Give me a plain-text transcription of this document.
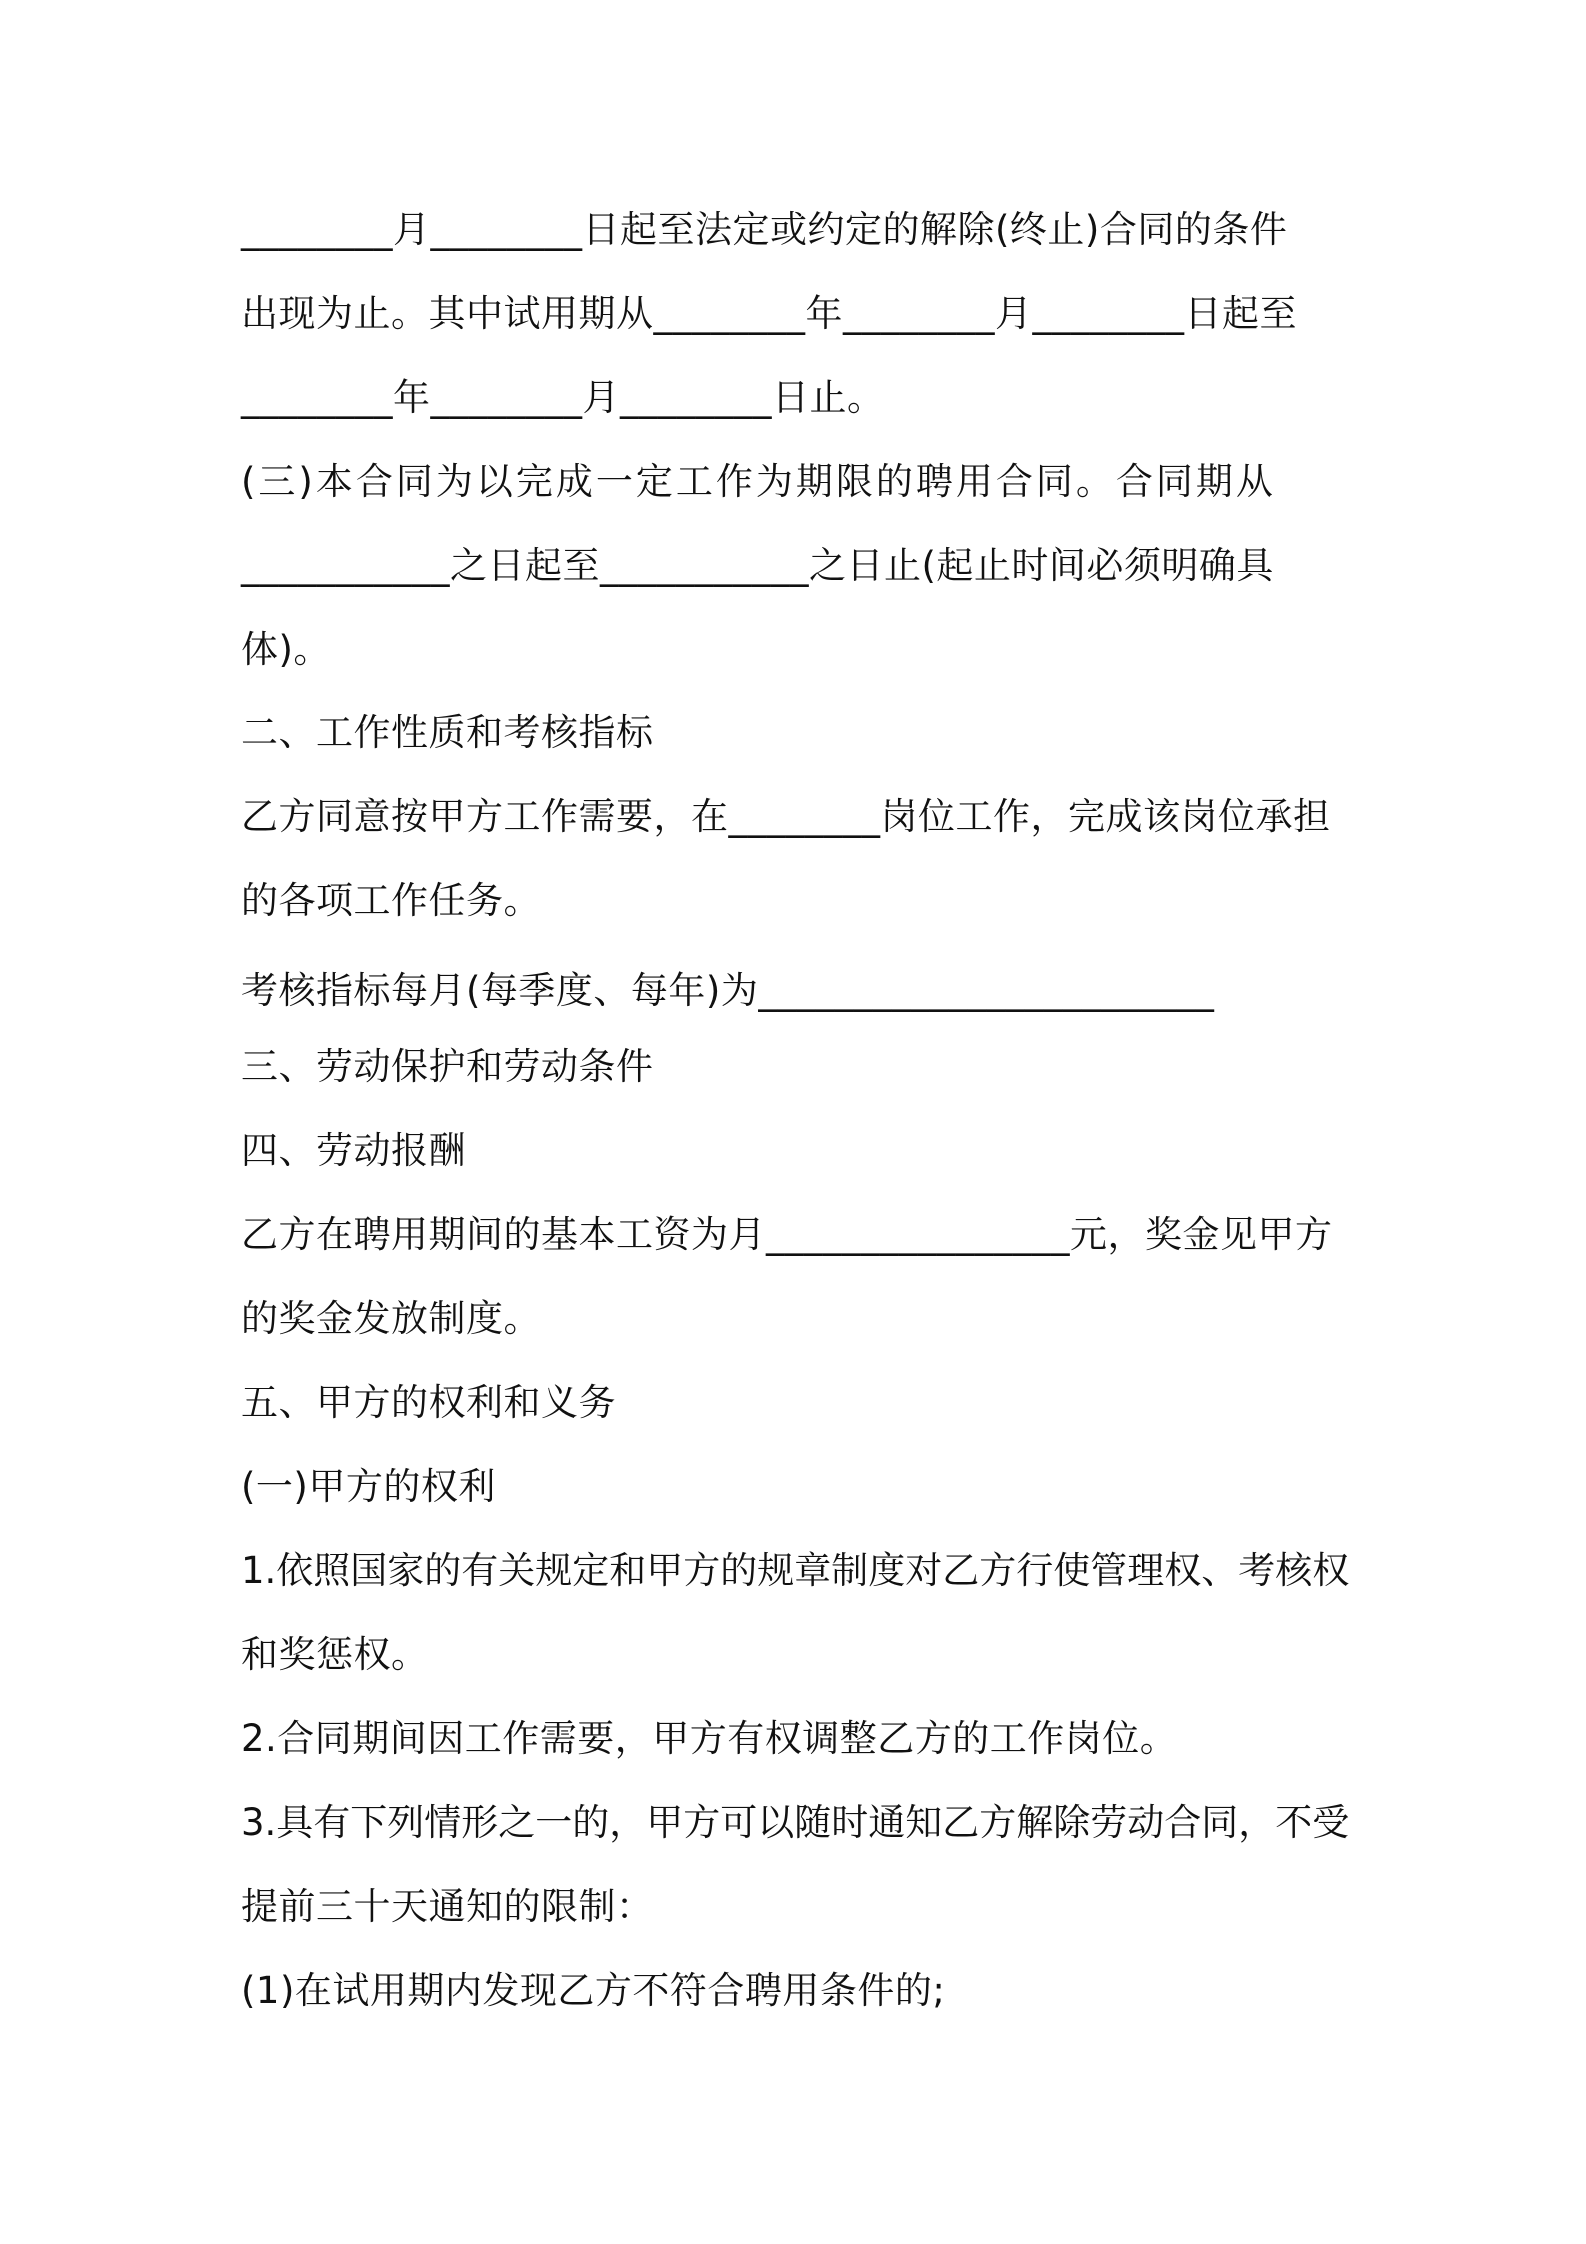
________月________日起至法定或约定的解除(终止)合同的条件
出现为止。其中试用期从________年________月________日起至
________年________月________日止。
(三)本合同为以完成一定工作为期限的聘用合同。合同期从
___________之日起至___________之日止(起止时间必须明确具
体)。
二、工作性质和考核指标
乙方同意按甲方工作需要，在________岗位工作，完成该岗位承担
的各项工作任务。
考核指标每月(每季度、每年)为________________________
三、劳动保护和劳动条件
四、劳动报酬
乙方在聘用期间的基本工资为月________________元，奖金见甲方
的奖金发放制度。
五、甲方的权利和义务
(一)甲方的权利
1.依照国家的有关规定和甲方的规章制度对乙方行使管理权、考核权
和奖惩权。
2.合同期间因工作需要，甲方有权调整乙方的工作岗位。
3.具有下列情形之一的，甲方可以随时通知乙方解除劳动合同，不受
提前三十天通知的限制：
(1)在试用期内发现乙方不符合聘用条件的;
